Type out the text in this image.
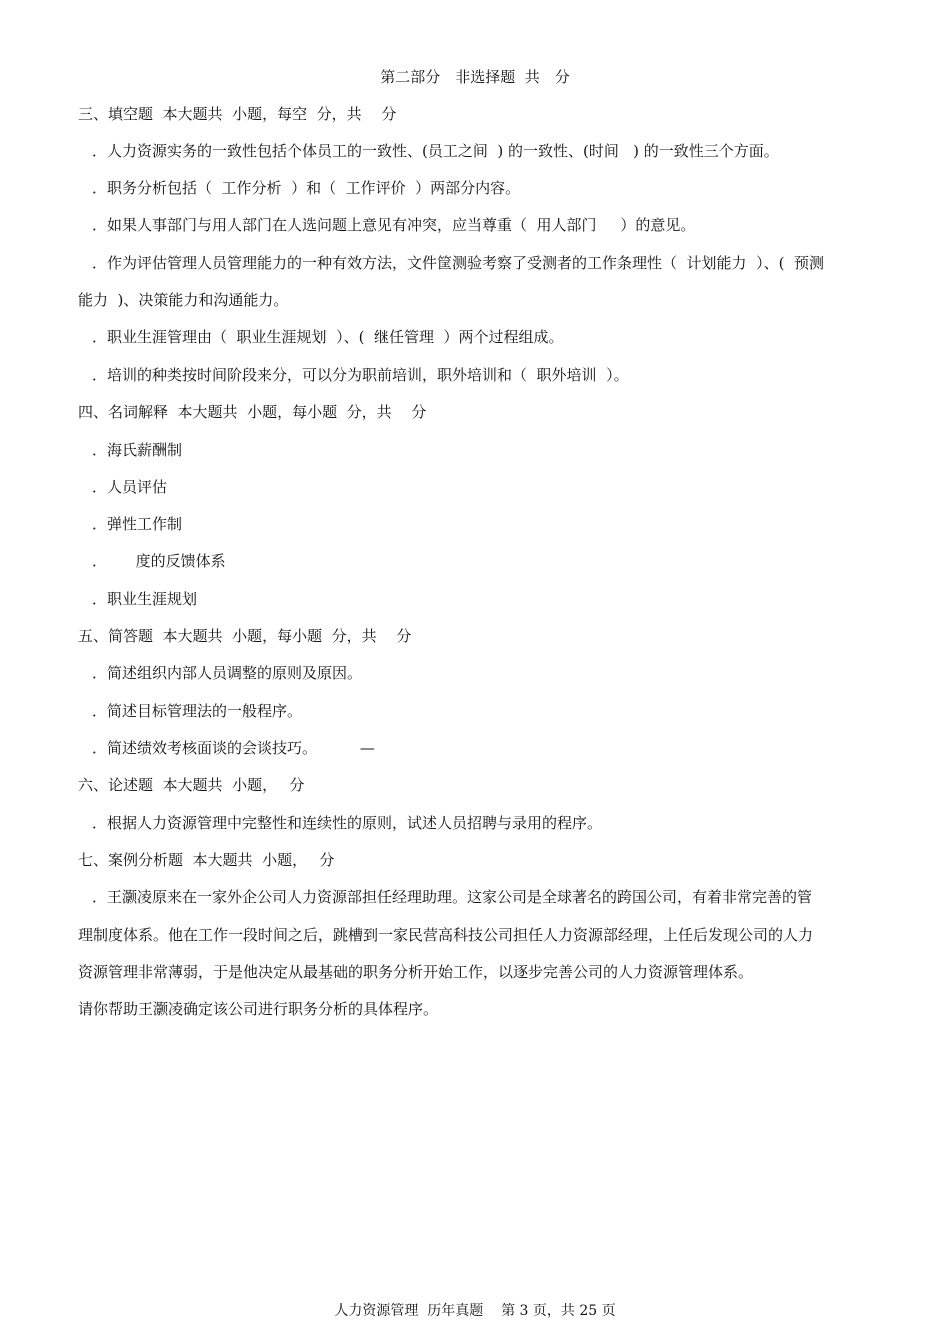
第二部分　非选择题  共　分
三、填空题  本大题共  小题，每空  分，共　 分
．人力资源实务的一致性包括个体员工的一致性、(员工之间  ) 的一致性、(时间   ) 的一致性三个方面。
．职务分析包括（  工作分析  ）和（  工作评价  ）两部分内容。
．如果人事部门与用人部门在人选问题上意见有冲突，应当尊重（  用人部门     ）的意见。
．作为评估管理人员管理能力的一种有效方法，文件筐测验考察了受测者的工作条理性（  计划能力  ）、(  预测
能力  )、决策能力和沟通能力。
．职业生涯管理由（  职业生涯规划  ）、(  继任管理  ）两个过程组成。
．培训的种类按时间阶段来分，可以分为职前培训，职外培训和（  职外培训  ）。
四、名词解释  本大题共  小题，每小题  分，共　 分
．海氏薪酬制
．人员评估
．弹性工作制
．      度的反馈体系
．职业生涯规划
五、简答题  本大题共  小题，每小题  分，共　 分
．简述组织内部人员调整的原则及原因。
．简述目标管理法的一般程序。
．简述绩效考核面谈的会谈技巧。         —
六、论述题  本大题共  小题，　 分
．根据人力资源管理中完整性和连续性的原则，试述人员招聘与录用的程序。
七、案例分析题  本大题共  小题，　 分
．王灏凌原来在一家外企公司人力资源部担任经理助理。这家公司是全球著名的跨国公司，有着非常完善的管
理制度体系。他在工作一段时间之后，跳槽到一家民营高科技公司担任人力资源部经理，上任后发现公司的人力
资源管理非常薄弱，于是他决定从最基础的职务分析开始工作，以逐步完善公司的人力资源管理体系。
请你帮助王灏凌确定该公司进行职务分析的具体程序。
人力资源管理  历年真题    第 3 页，共 25 页
